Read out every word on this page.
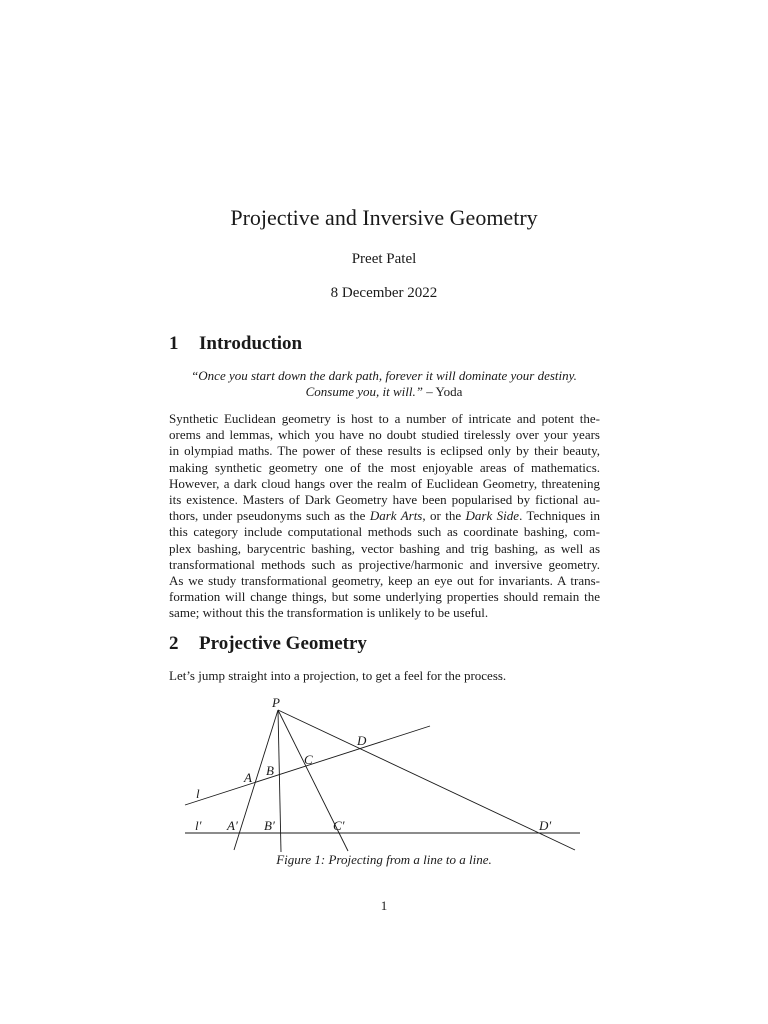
Projective and Inversive Geometry
Preet Patel
8 December 2022
1 Introduction
“Once you start down the dark path, forever it will dominate your destiny.
Consume you, it will.” – Yoda
Synthetic Euclidean geometry is host to a number of intricate and potent the-
orems and lemmas, which you have no doubt studied tirelessly over your years
in olympiad maths. The power of these results is eclipsed only by their beauty,
making synthetic geometry one of the most enjoyable areas of mathematics.
However, a dark cloud hangs over the realm of Euclidean Geometry, threatening
its existence. Masters of Dark Geometry have been popularised by fictional au-
thors, under pseudonyms such as the Dark Arts, or the Dark Side. Techniques in
this category include computational methods such as coordinate bashing, com-
plex bashing, barycentric bashing, vector bashing and trig bashing, as well as
transformational methods such as projective/harmonic and inversive geometry.
As we study transformational geometry, keep an eye out for invariants. A trans-
formation will change things, but some underlying properties should remain the
same; without this the transformation is unlikely to be useful.
2 Projective Geometry
Let’s jump straight into a projection, to get a feel for the process.
P
A B
C
D
l
l′ A′ B′	C′	D′
Figure 1: Projecting from a line to a line.
1
